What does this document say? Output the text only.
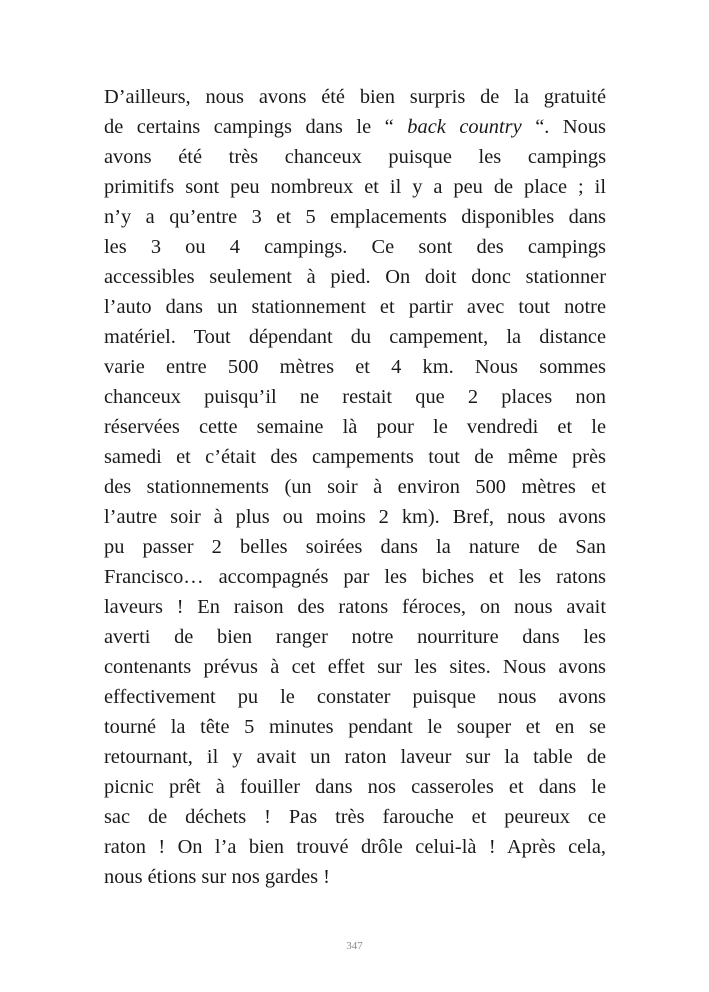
D’ailleurs, nous avons été bien surpris de la gratuité
de certains campings dans le “ back country “. Nous
avons été très chanceux puisque les campings
primitifs sont peu nombreux et il y a peu de place ; il
n’y a qu’entre 3 et 5 emplacements disponibles dans
les 3 ou 4 campings. Ce sont des campings
accessibles seulement à pied. On doit donc stationner
l’auto dans un stationnement et partir avec tout notre
matériel. Tout dépendant du campement, la distance
varie entre 500 mètres et 4 km. Nous sommes
chanceux puisqu’il ne restait que 2 places non
réservées cette semaine là pour le vendredi et le
samedi et c’était des campements tout de même près
des stationnements (un soir à environ 500 mètres et
l’autre soir à plus ou moins 2 km). Bref, nous avons
pu passer 2 belles soirées dans la nature de San
Francisco… accompagnés par les biches et les ratons
laveurs ! En raison des ratons féroces, on nous avait
averti de bien ranger notre nourriture dans les
contenants prévus à cet effet sur les sites. Nous avons
effectivement pu le constater puisque nous avons
tourné la tête 5 minutes pendant le souper et en se
retournant, il y avait un raton laveur sur la table de
picnic prêt à fouiller dans nos casseroles et dans le
sac de déchets ! Pas très farouche et peureux ce
raton ! On l’a bien trouvé drôle celui-là ! Après cela,
nous étions sur nos gardes !
347
